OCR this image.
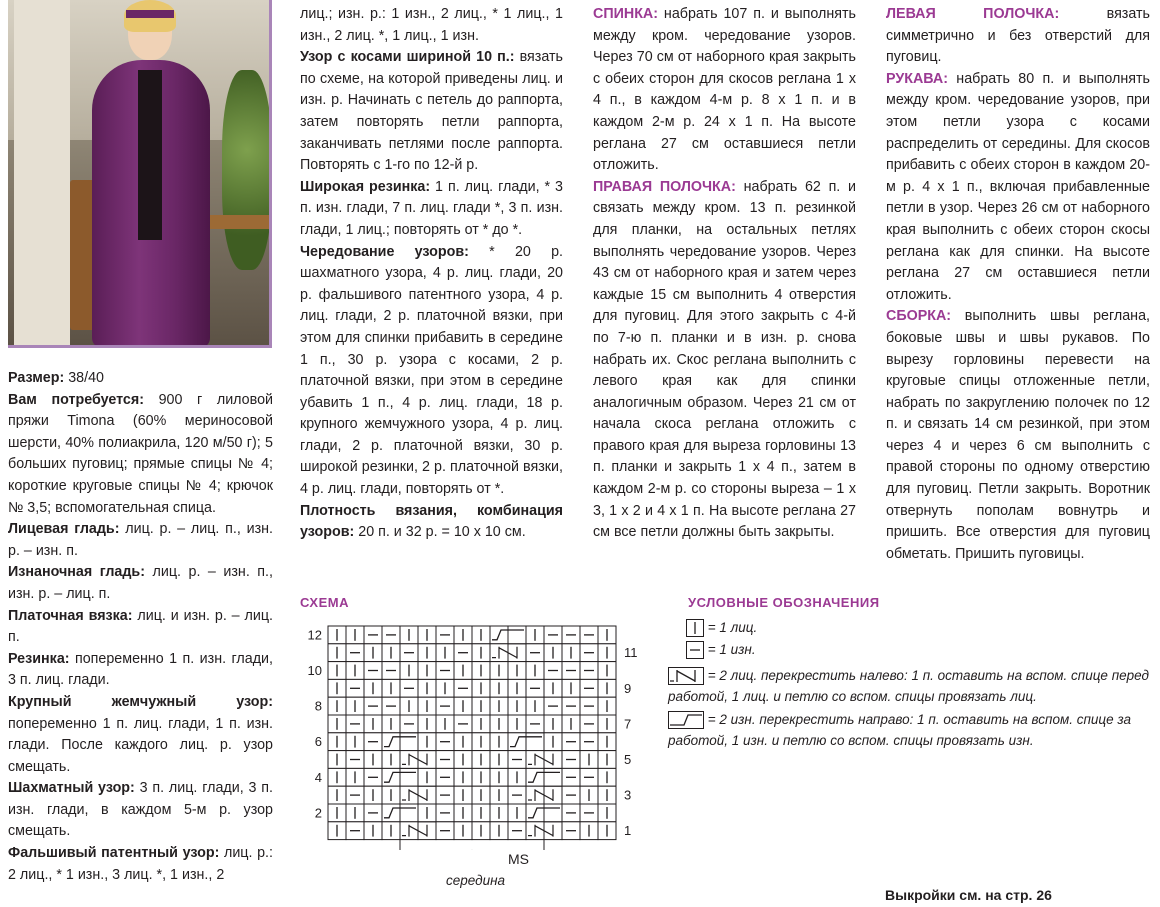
Размер: 38/40

Вам потребуется: 900 г лиловой пряжи Timona (60% мериносовой шерсти, 40% полиакрила, 120 м/50 г); 5 больших пуговиц; прямые спицы № 4; короткие круговые спицы № 4; крючок № 3,5; вспомогательная спица.

Лицевая гладь: лиц. р. – лиц. п., изн. р. – изн. п.

Изнаночная гладь: лиц. р. – изн. п., изн. р. – лиц. п.

Платочная вязка: лиц. и изн. р. – лиц. п.

Резинка: попеременно 1 п. изн. глади, 3 п. лиц. глади.

Крупный жемчужный узор: попеременно 1 п. лиц. глади, 1 п. изн. глади. После каждого лиц. р. узор смещать.

Шахматный узор: 3 п. лиц. глади, 3 п. изн. глади, в каждом 5-м р. узор смещать.

Фальшивый патентный узор: лиц. р.: 2 лиц., * 1 изн., 3 лиц. *, 1 изн., 2

лиц.; изн. р.: 1 изн., 2 лиц., * 1 лиц., 1 изн., 2 лиц. *, 1 лиц., 1 изн.

Узор с косами шириной 10 п.: вязать по схеме, на которой приведены лиц. и изн. р. Начинать с петель до раппорта, затем повторять петли раппорта, заканчивать петлями после раппорта. Повторять с 1-го по 12-й р.

Широкая резинка: 1 п. лиц. глади, * 3 п. изн. глади, 7 п. лиц. глади *, 3 п. изн. глади, 1 лиц.; повторять от * до *.

Чередование узоров: * 20 р. шахматного узора, 4 р. лиц. глади, 20 р. фальшивого патентного узора, 4 р. лиц. глади, 2 р. платочной вязки, при этом для спинки прибавить в середине 1 п., 30 р. узора с косами, 2 р. платочной вязки, при этом в середине убавить 1 п., 4 р. лиц. глади, 18 р. крупного жемчужного узора, 4 р. лиц. глади, 2 р. платочной вязки, 30 р. широкой резинки, 2 р. платочной вязки, 4 р. лиц. глади, повторять от *.

Плотность вязания, комбинация узоров: 20 п. и 32 р. = 10 х 10 см.

СПИНКА: набрать 107 п. и выполнять между кром. чередование узоров. Через 70 см от наборного края закрыть с обеих сторон для скосов реглана 1 х 4 п., в каждом 4-м р. 8 х 1 п. и в каждом 2-м р. 24 х 1 п. На высоте реглана 27 см оставшиеся петли отложить.

ПРАВАЯ ПОЛОЧКА: набрать 62 п. и связать между кром. 13 п. резинкой для планки, на остальных петлях выполнять чередование узоров. Через 43 см от наборного края и затем через каждые 15 см выполнить 4 отверстия для пуговиц. Для этого закрыть с 4-й по 7-ю п. планки и в изн. р. снова набрать их. Скос реглана выполнить с левого края как для спинки аналогичным образом. Через 21 см от начала скоса реглана отложить с правого края для выреза горловины 13 п. планки и закрыть 1 х 4 п., затем в каждом 2-м р. со стороны выреза – 1 х 3, 1 х 2 и 4 х 1 п. На высоте реглана 27 см все петли должны быть закрыты.

ЛЕВАЯ ПОЛОЧКА: вязать симметрично и без отверстий для пуговиц.

РУКАВА: набрать 80 п. и выполнять между кром. чередование узоров, при этом петли узора с косами распределить от середины. Для скосов прибавить с обеих сторон в каждом 20-м р. 4 х 1 п., включая прибавленные петли в узор. Через 26 см от наборного края выполнить с обеих сторон скосы реглана как для спинки. На высоте реглана 27 см оставшиеся петли отложить.

СБОРКА: выполнить швы реглана, боковые швы и швы рукавов. По вырезу горловины перевести на круговые спицы отложенные петли, набрать по закруглению полочек по 12 п. и связать 14 см резинкой, при этом через 4 и через 6 см выполнить с правой стороны по одному отверстию для пуговиц. Петли закрыть. Воротник отвернуть пополам вовнутрь и пришить. Все отверстия для пуговиц обметать. Пришить пуговицы.

СХЕМА
12
10
8
6
4
2
11
9
7
5
3
1
MS
середина
УСЛОВНЫЕ ОБОЗНАЧЕНИЯ
= 1 лиц.
= 1 изн.
= 2 лиц. перекрестить налево: 1 п. оставить на вспом. спице перед работой, 1 лиц. и петлю со вспом. спицы провязать лиц.
= 2 изн. перекрестить направо: 1 п. оставить на вспом. спице за работой, 1 изн. и петлю со вспом. спицы провязать изн.
Выкройки см. на стр. 26
